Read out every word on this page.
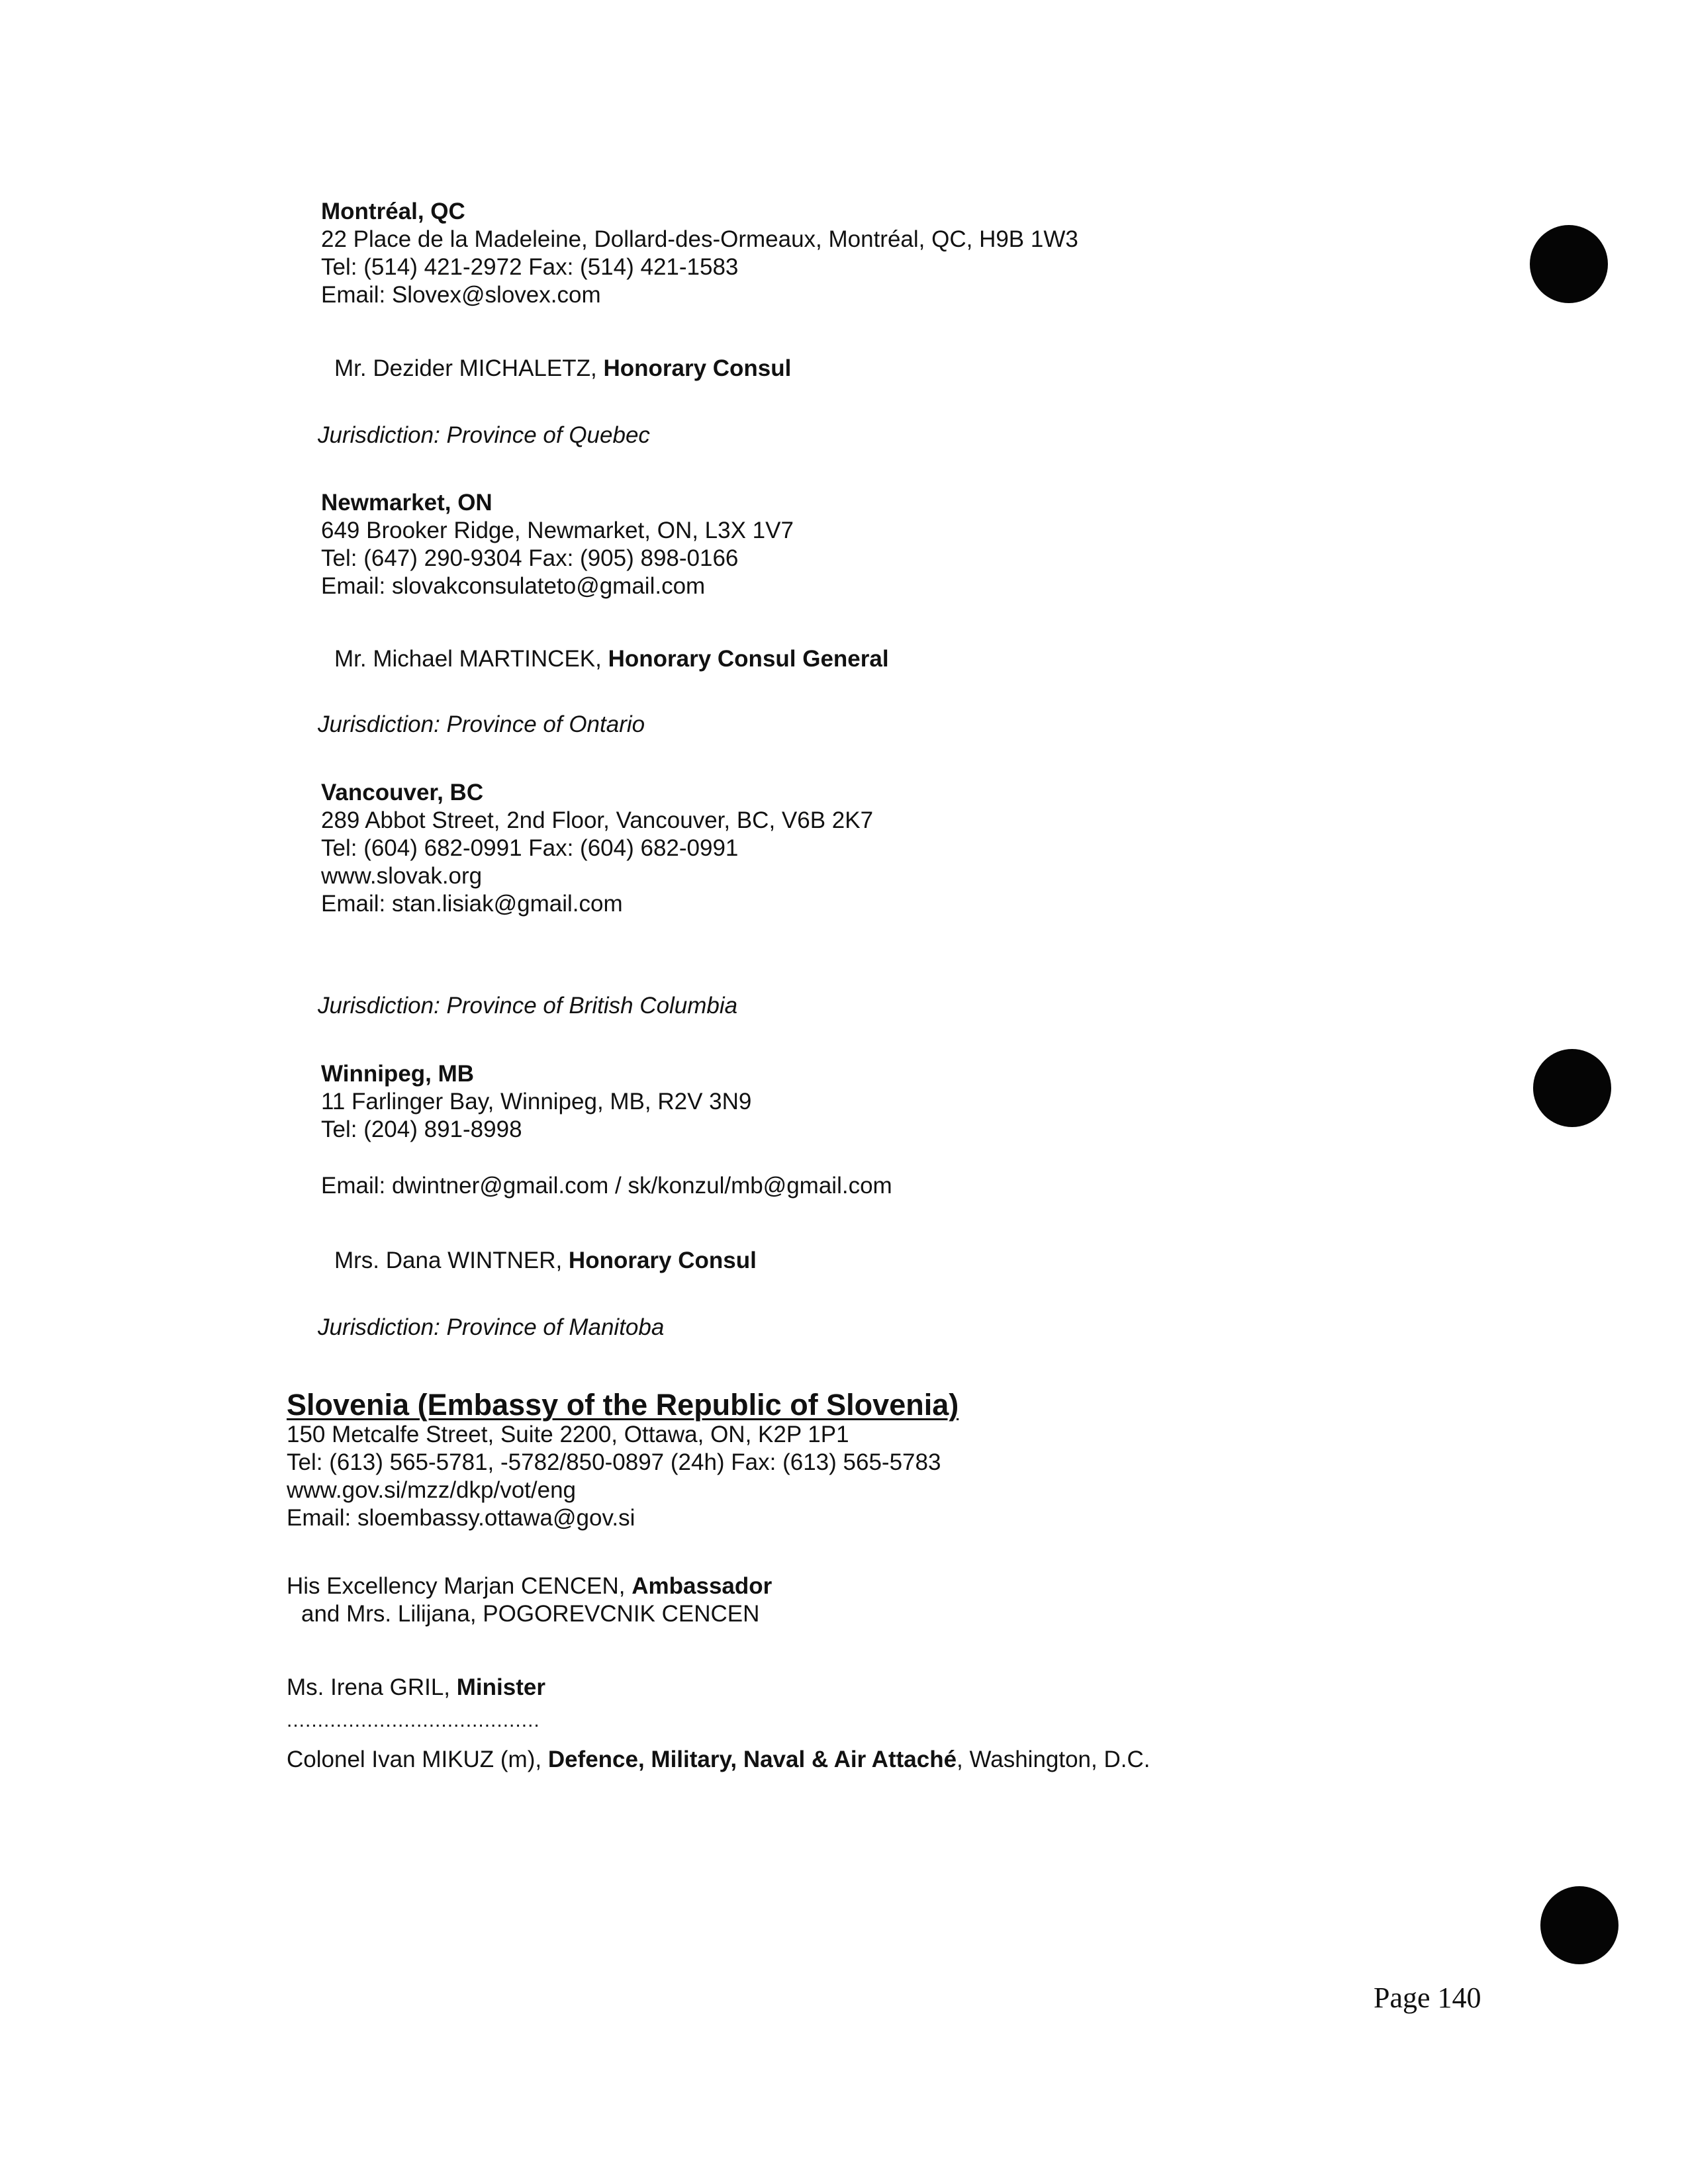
Montréal, QC
22 Place de la Madeleine, Dollard-des-Ormeaux, Montréal, QC, H9B 1W3
Tel: (514) 421-2972 Fax: (514) 421-1583
Email: Slovex@slovex.com
Mr. Dezider MICHALETZ, Honorary Consul
Jurisdiction: Province of Quebec
Newmarket, ON
649 Brooker Ridge, Newmarket, ON, L3X 1V7
Tel: (647) 290-9304 Fax: (905) 898-0166
Email: slovakconsulateto@gmail.com
Mr. Michael MARTINCEK, Honorary Consul General
Jurisdiction: Province of Ontario
Vancouver, BC
289 Abbot Street, 2nd Floor, Vancouver, BC, V6B 2K7
Tel: (604) 682-0991 Fax: (604) 682-0991
www.slovak.org
Email: stan.lisiak@gmail.com
Jurisdiction: Province of British Columbia
Winnipeg, MB
11 Farlinger Bay, Winnipeg, MB, R2V 3N9
Tel: (204) 891-8998
Email: dwintner@gmail.com / sk/konzul/mb@gmail.com
Mrs. Dana WINTNER, Honorary Consul
Jurisdiction: Province of Manitoba
Slovenia (Embassy of the Republic of Slovenia)
150 Metcalfe Street, Suite 2200, Ottawa, ON, K2P 1P1
Tel: (613) 565-5781, -5782/850-0897 (24h) Fax: (613) 565-5783
www.gov.si/mzz/dkp/vot/eng
Email: sloembassy.ottawa@gov.si
His Excellency Marjan CENCEN, Ambassador
and Mrs. Lilijana, POGOREVCNIK CENCEN
Ms. Irena GRIL, Minister
.........................................
Colonel Ivan MIKUZ (m), Defence, Military, Naval & Air Attaché, Washington, D.C.
Page 140
